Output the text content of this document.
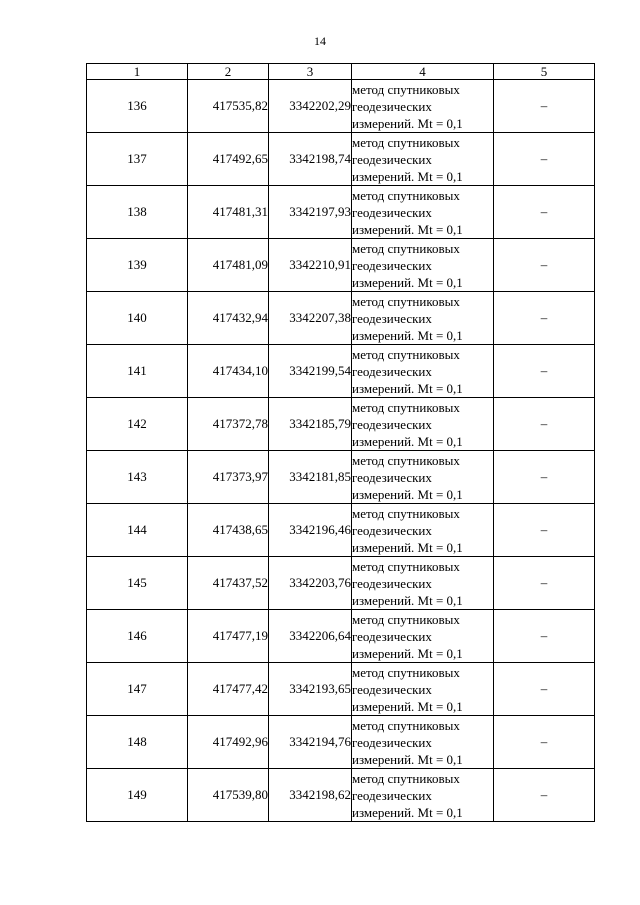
14
1	2	3	4	5
136	417535,82	3342202,29	метод спутниковых
геодезических
измерений. Mt = 0,1	–
137	417492,65	3342198,74	метод спутниковых
геодезических
измерений. Mt = 0,1	–
138	417481,31	3342197,93	метод спутниковых
геодезических
измерений. Mt = 0,1	–
139	417481,09	3342210,91	метод спутниковых
геодезических
измерений. Mt = 0,1	–
140	417432,94	3342207,38	метод спутниковых
геодезических
измерений. Mt = 0,1	–
141	417434,10	3342199,54	метод спутниковых
геодезических
измерений. Mt = 0,1	–
142	417372,78	3342185,79	метод спутниковых
геодезических
измерений. Mt = 0,1	–
143	417373,97	3342181,85	метод спутниковых
геодезических
измерений. Mt = 0,1	–
144	417438,65	3342196,46	метод спутниковых
геодезических
измерений. Mt = 0,1	–
145	417437,52	3342203,76	метод спутниковых
геодезических
измерений. Mt = 0,1	–
146	417477,19	3342206,64	метод спутниковых
геодезических
измерений. Mt = 0,1	–
147	417477,42	3342193,65	метод спутниковых
геодезических
измерений. Mt = 0,1	–
148	417492,96	3342194,76	метод спутниковых
геодезических
измерений. Mt = 0,1	–
149	417539,80	3342198,62	метод спутниковых
геодезических
измерений. Mt = 0,1	–
